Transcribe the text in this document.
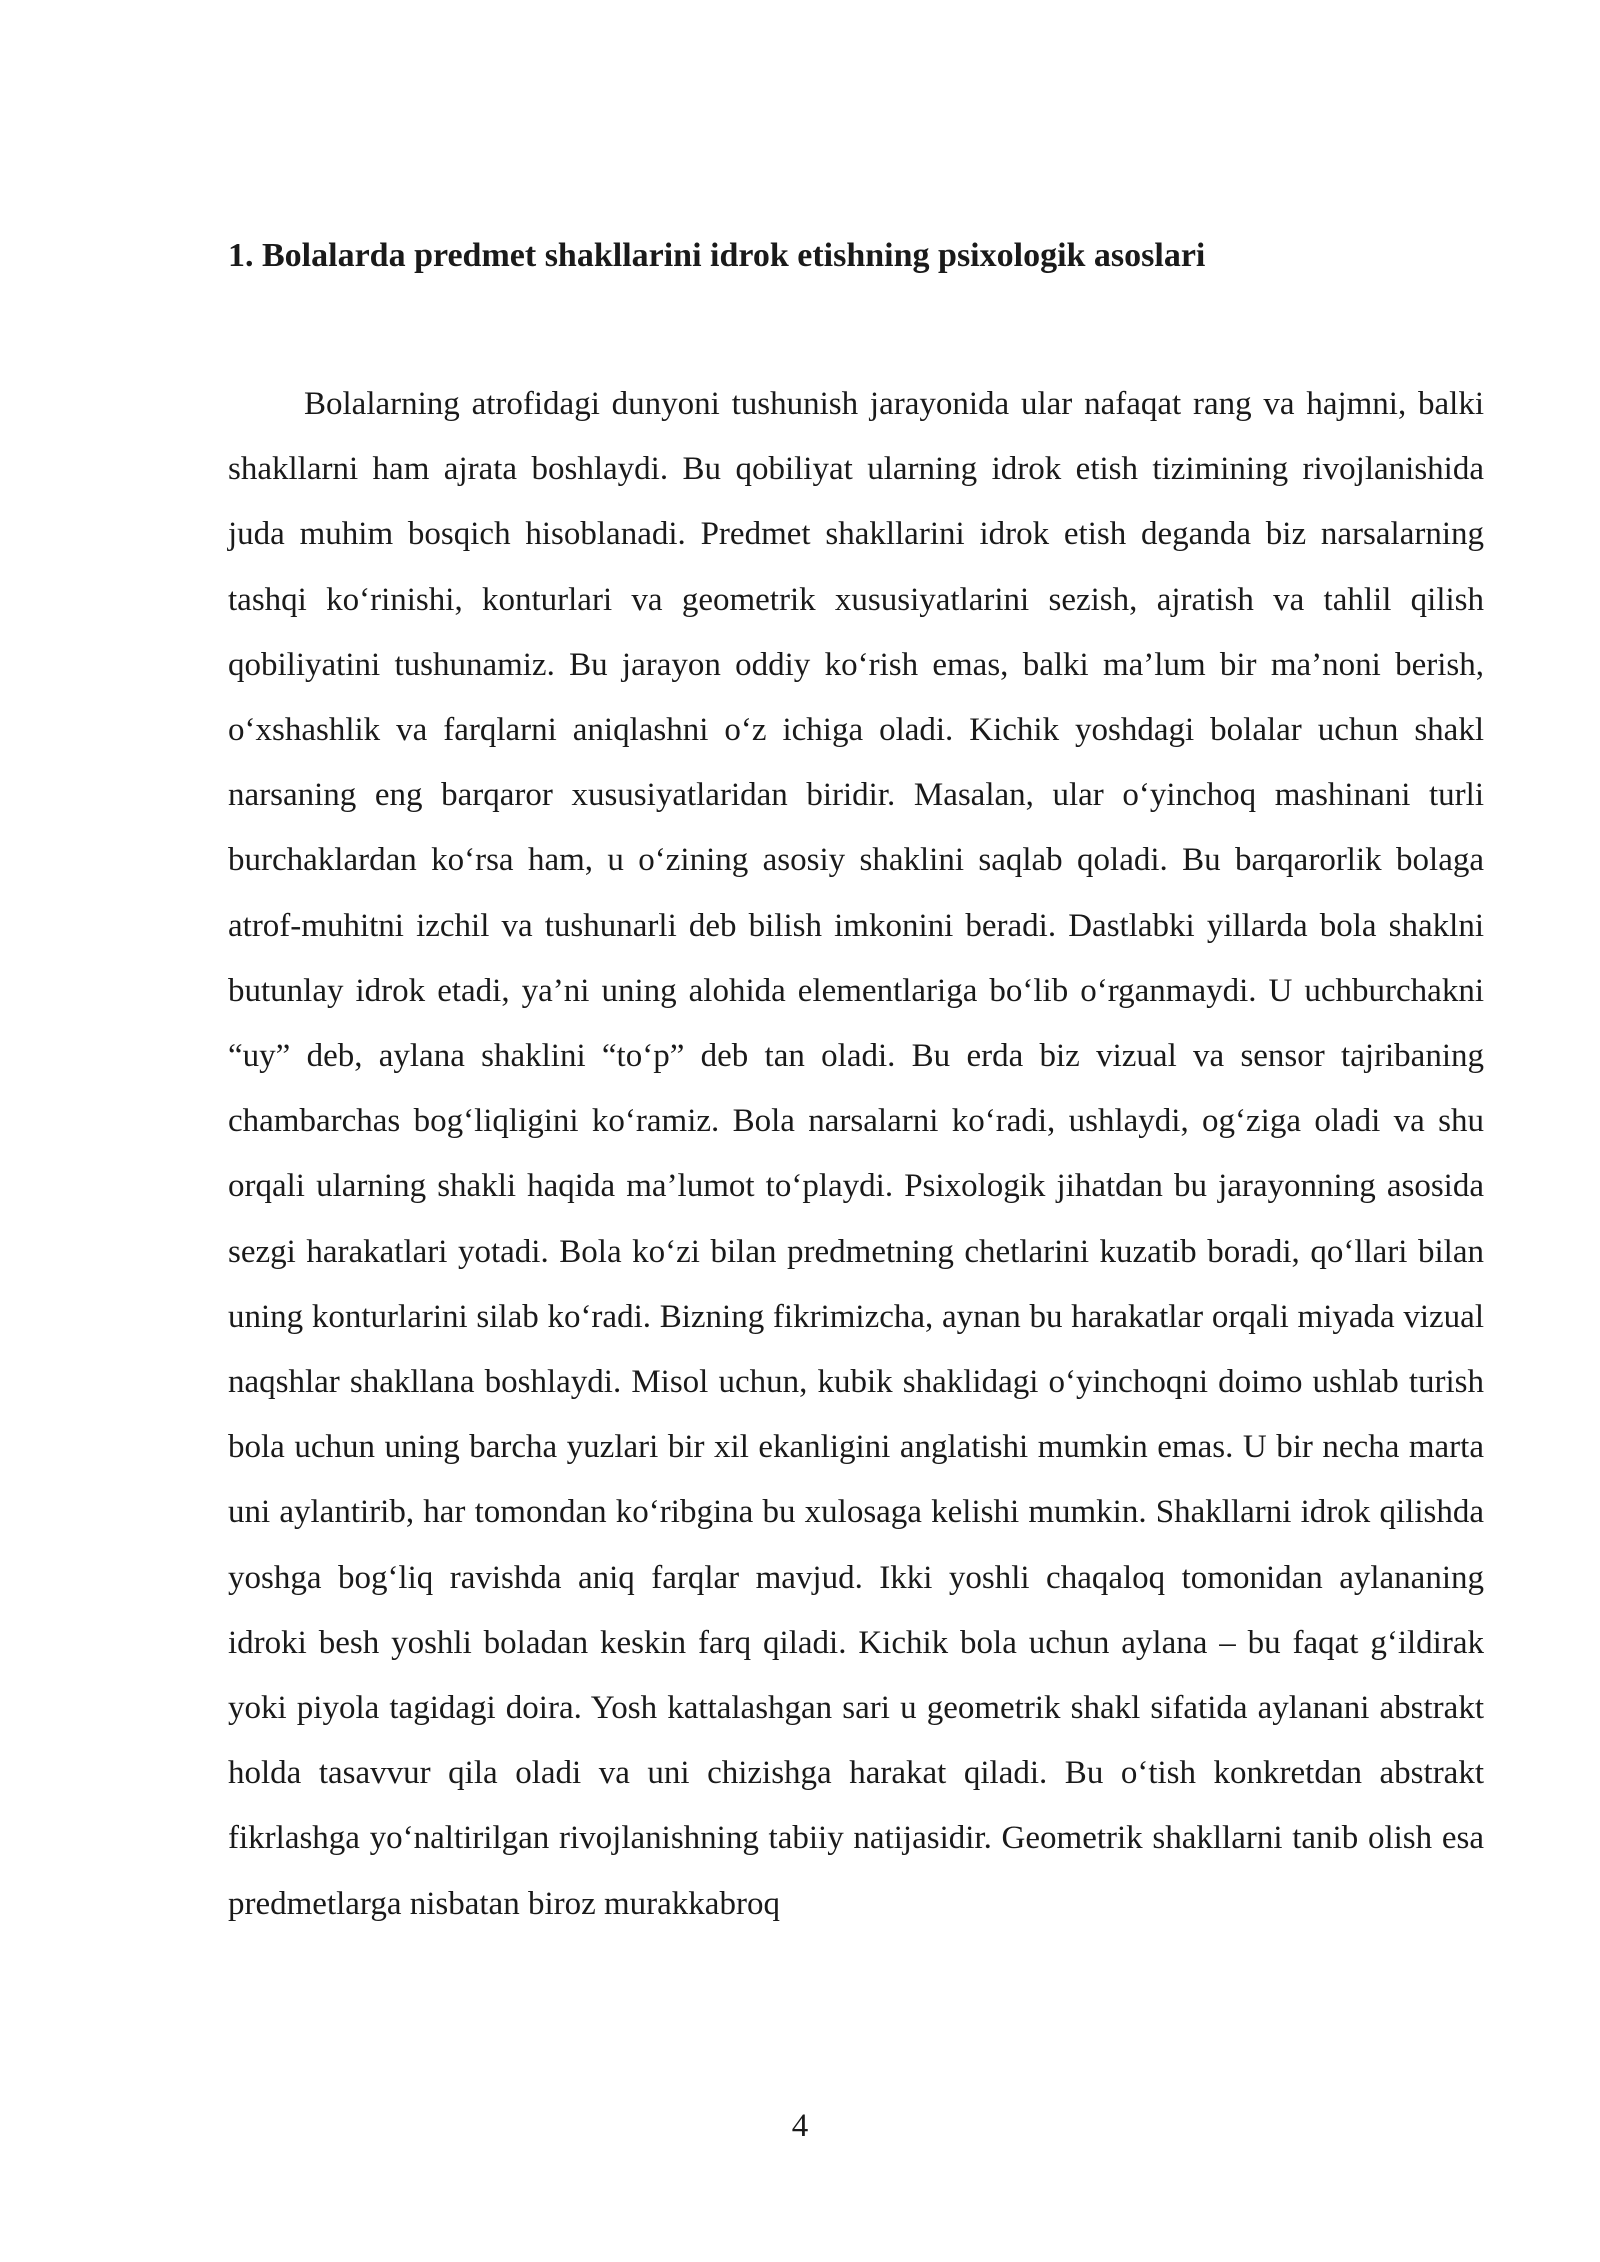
1. Bolalarda predmet shakllarini idrok etishning psixologik asoslari

Bolalarning atrofidagi dunyoni tushunish jarayonida ular nafaqat rang va hajmni, balki shakllarni ham ajrata boshlaydi. Bu qobiliyat ularning idrok etish tizimining rivojlanishida juda muhim bosqich hisoblanadi. Predmet shakllarini idrok etish deganda biz narsalarning tashqi ko‘rinishi, konturlari va geometrik xususiyatlarini sezish, ajratish va tahlil qilish qobiliyatini tushunamiz. Bu jarayon oddiy ko‘rish emas, balki ma’lum bir ma’noni berish, o‘xshashlik va farqlarni aniqlashni o‘z ichiga oladi. Kichik yoshdagi bolalar uchun shakl narsaning eng barqaror xususiyatlaridan biridir. Masalan, ular o‘yinchoq mashinani turli burchaklardan ko‘rsa ham, u o‘zining asosiy shaklini saqlab qoladi. Bu barqarorlik bolaga atrof-muhitni izchil va tushunarli deb bilish imkonini beradi. Dastlabki yillarda bola shaklni butunlay idrok etadi, ya’ni uning alohida elementlariga bo‘lib o‘rganmaydi. U uchburchakni “uy” deb, aylana shaklini “to‘p” deb tan oladi. Bu erda biz vizual va sensor tajribaning chambarchas bog‘liqligini ko‘ramiz. Bola narsalarni ko‘radi, ushlaydi, og‘ziga oladi va shu orqali ularning shakli haqida ma’lumot to‘playdi. Psixologik jihatdan bu jarayonning asosida sezgi harakatlari yotadi. Bola ko‘zi bilan predmetning chetlarini kuzatib boradi, qo‘llari bilan uning konturlarini silab ko‘radi. Bizning fikrimizcha, aynan bu harakatlar orqali miyada vizual naqshlar shakllana boshlaydi. Misol uchun, kubik shaklidagi o‘yinchoqni doimo ushlab turish bola uchun uning barcha yuzlari bir xil ekanligini anglatishi mumkin emas. U bir necha marta uni aylantirib, har tomondan ko‘ribgina bu xulosaga kelishi mumkin. Shakllarni idrok qilishda yoshga bog‘liq ravishda aniq farqlar mavjud. Ikki yoshli chaqaloq tomonidan aylananing idroki besh yoshli boladan keskin farq qiladi. Kichik bola uchun aylana – bu faqat g‘ildirak yoki piyola tagidagi doira. Yosh kattalashgan sari u geometrik shakl sifatida aylanani abstrakt holda tasavvur qila oladi va uni chizishga harakat qiladi. Bu o‘tish konkretdan abstrakt fikrlashga yo‘naltirilgan rivojlanishning tabiiy natijasidir. Geometrik shakllarni tanib olish esa predmetlarga nisbatan biroz murakkabroq

4
